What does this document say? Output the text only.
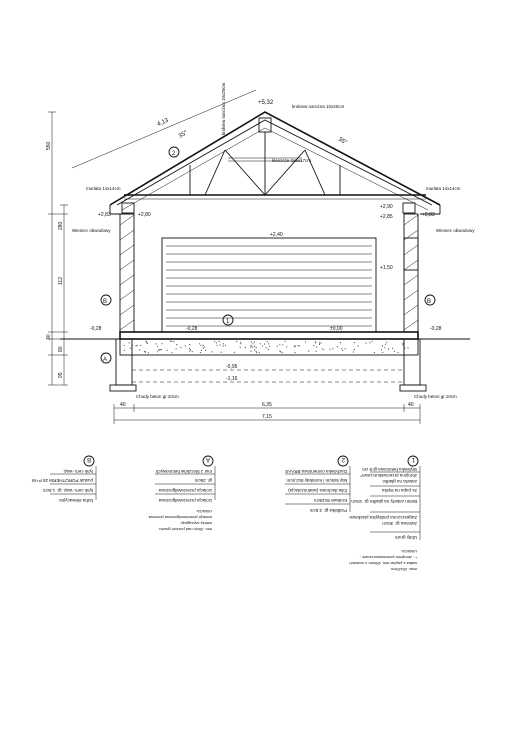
+5,32
krokiew narożna 10x20cm	krokiew narożna 10x20cm
kleszcze 2x5x17cm
35°
35°
murłata 14x14cm	murłata 14x14cm
Wieniec obwodowy	Wieniec obwodowy
4,13
2
+2,83	+2,80	+2,83
+2,90
+2,85
+2,40
+1,50
-0,28	-0,28	±0,00	-0,28
-0,95
-1,16
B	B
1
A
Chudy beton gr.10cm	Chudy beton gr.10cm
550
280
112
30
80
95
40	6,35	40
7,15
1
Wylewka betonowa gr.8 cm
zbrojona przeciwskurczowo*
zatarta na gładko
2x papa na lepiku
Beton zatarty na gładko gr. 10cm
Zagęszczona podsypka piaskowo-
żwirowa gr. 30cm
Ubity grunt
UWAGA:
* - zbrojenie przeciwskurczowe -
siatka z prętów min. Ø5mm o oczkach
max. 20x20cm
2
Dachówka cementowa BRAAS
łaty 5x5cm / kontrłaty 8x2,5cm
folia dachowa (wiatroizolacja)
Krokwie 8x18cm
Podbitka gr. 2,5cm
A
mur z bloczków betonowych
gr. 25cm
izolacja przeciwwilgociowa
izolacja przeciwwilgociowa
UWAGA:
izolacje przeciwwilgociowa pionowa
należy wyciągnąć
min. 30cm nad poziom gruntu
B
tynk cem.-wap.
pustak POROTHERM 25 P+W
tynk cem.-wap. gr. 1,5cm
farba elewacyjna
